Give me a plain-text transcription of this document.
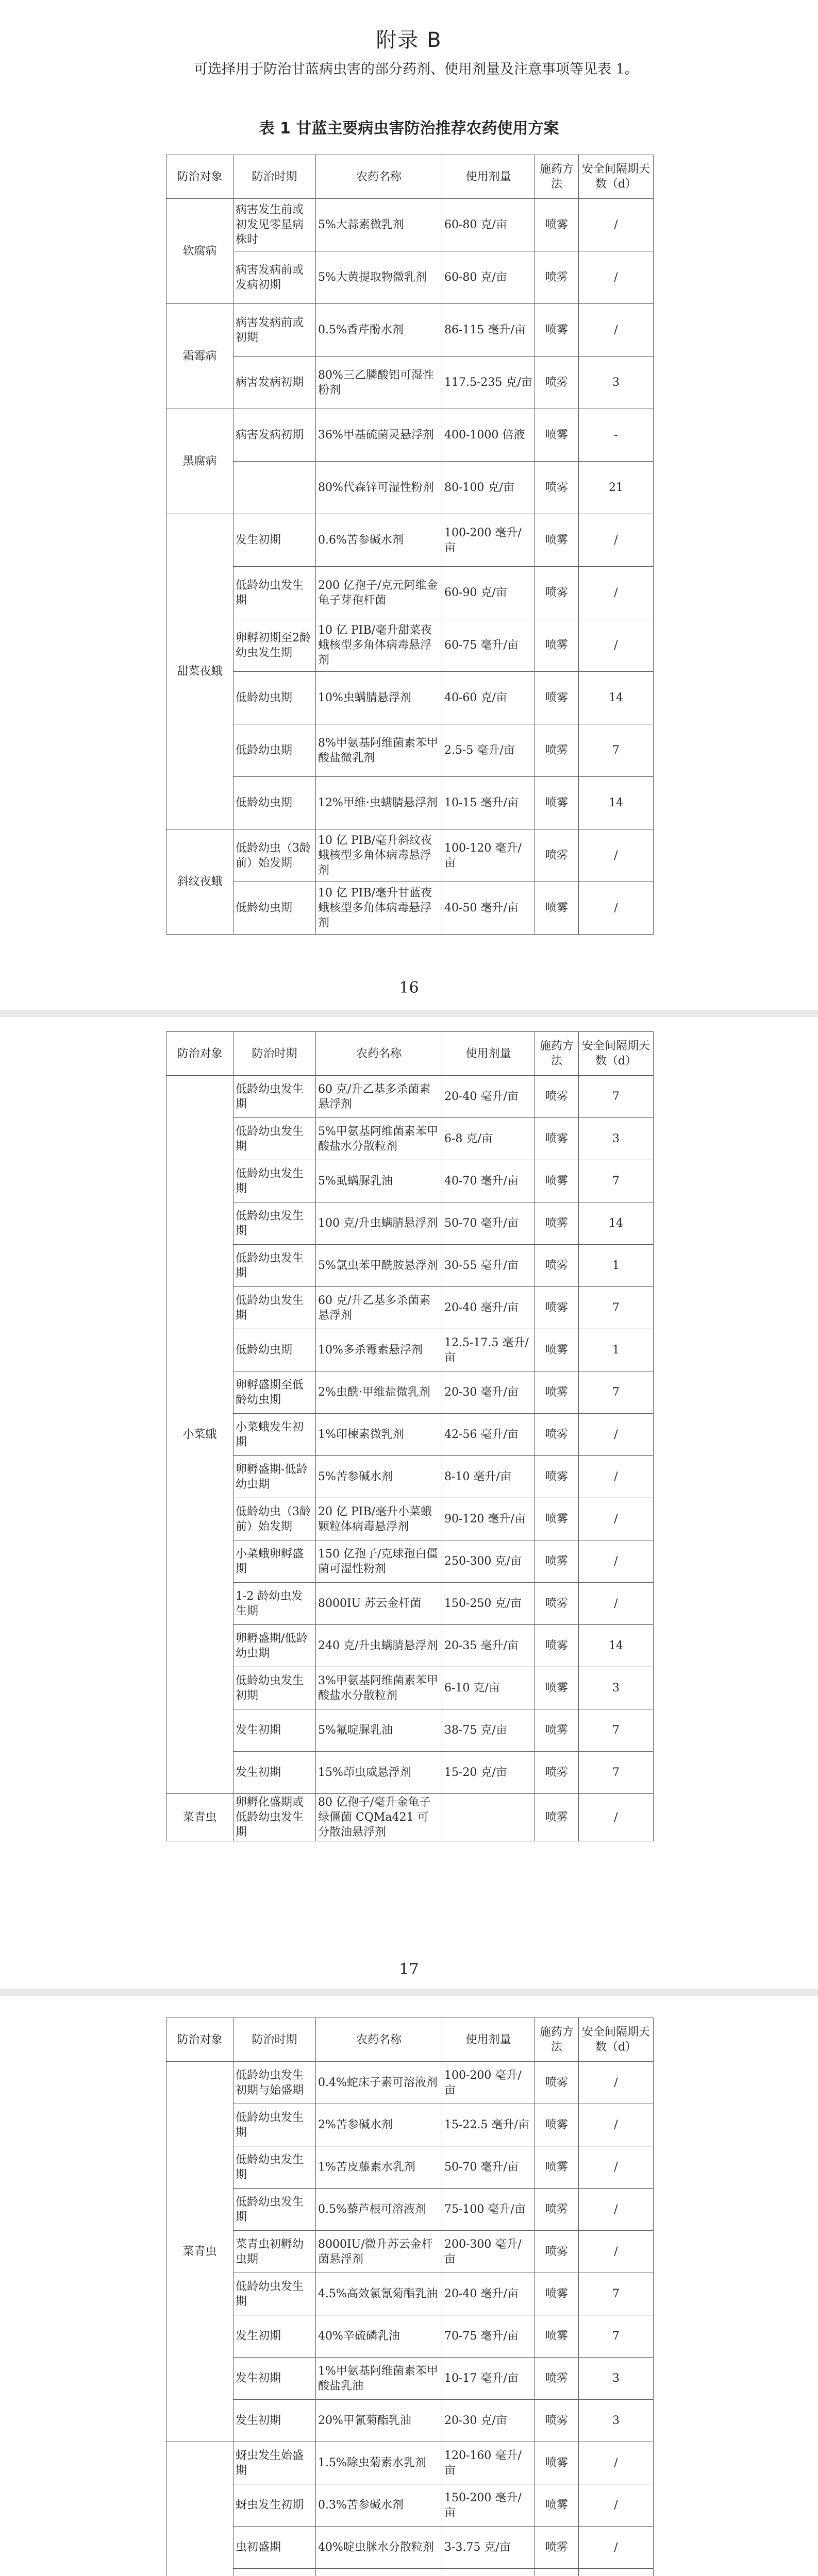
附录 B
可选择用于防治甘蓝病虫害的部分药剂、使用剂量及注意事项等见表 1。
表 1 甘蓝主要病虫害防治推荐农药使用方案
防治对象	防治时期	农药名称	使用剂量	施药方法	安全间隔期天数（d）
软腐病	病害发生前或初发见零星病株时	5%大蒜素微乳剂	60-80 克/亩	喷雾	/
	病害发病前或发病初期	5%大黄提取物微乳剂	60-80 克/亩	喷雾	/
霜霉病	病害发病前或初期	0.5%香芹酚水剂	86-115 毫升/亩	喷雾	/
	病害发病初期	80%三乙膦酸铝可湿性粉剂	117.5-235 克/亩	喷雾	3
黑腐病	病害发病初期	36%甲基硫菌灵悬浮剂	400-1000 倍液	喷雾	-
		80%代森锌可湿性粉剂	80-100 克/亩	喷雾	21
甜菜夜蛾	发生初期	0.6%苦参碱水剂	100-200 毫升/亩	喷雾	/
	低龄幼虫发生期	200 亿孢子/克元阿维金龟子芽孢杆菌	60-90 克/亩	喷雾	/
	卵孵初期至2龄幼虫发生期	10 亿 PIB/毫升甜菜夜蛾核型多角体病毒悬浮剂	60-75 毫升/亩	喷雾	/
	低龄幼虫期	10%虫螨腈悬浮剂	40-60 克/亩	喷雾	14
	低龄幼虫期	8%甲氨基阿维菌素苯甲酸盐微乳剂	2.5-5 毫升/亩	喷雾	7
	低龄幼虫期	12%甲维·虫螨腈悬浮剂	10-15 毫升/亩	喷雾	14
斜纹夜蛾	低龄幼虫（3龄前）始发期	10 亿 PIB/毫升斜纹夜蛾核型多角体病毒悬浮剂	100-120 毫升/亩	喷雾	/
	低龄幼虫期	10 亿 PIB/毫升甘蓝夜蛾核型多角体病毒悬浮剂	40-50 毫升/亩	喷雾	/
16
防治对象	防治时期	农药名称	使用剂量	施药方法	安全间隔期天数（d）
小菜蛾	低龄幼虫发生期	60 克/升乙基多杀菌素悬浮剂	20-40 毫升/亩	喷雾	7
	低龄幼虫发生期	5%甲氨基阿维菌素苯甲酸盐水分散粒剂	6-8 克/亩	喷雾	3
	低龄幼虫发生期	5%虱螨脲乳油	40-70 毫升/亩	喷雾	7
	低龄幼虫发生期	100 克/升虫螨腈悬浮剂	50-70 毫升/亩	喷雾	14
	低龄幼虫发生期	5%氯虫苯甲酰胺悬浮剂	30-55 毫升/亩	喷雾	1
	低龄幼虫发生期	60 克/升乙基多杀菌素悬浮剂	20-40 毫升/亩	喷雾	7
	低龄幼虫期	10%多杀霉素悬浮剂	12.5-17.5 毫升/亩	喷雾	1
	卵孵盛期至低龄幼虫期	2%虫酰·甲维盐微乳剂	20-30 毫升/亩	喷雾	7
	小菜蛾发生初期	1%印楝素微乳剂	42-56 毫升/亩	喷雾	/
	卵孵盛期-低龄幼虫期	5%苦参碱水剂	8-10 毫升/亩	喷雾	/
	低龄幼虫（3龄前）始发期	20 亿 PIB/毫升小菜蛾颗粒体病毒悬浮剂	90-120 毫升/亩	喷雾	/
	小菜蛾卵孵盛期	150 亿孢子/克球孢白僵菌可湿性粉剂	250-300 克/亩	喷雾	/
	1-2 龄幼虫发生期	8000IU 苏云金杆菌	150-250 克/亩	喷雾	/
	卵孵盛期/低龄幼虫期	240 克/升虫螨腈悬浮剂	20-35 毫升/亩	喷雾	14
	低龄幼虫发生初期	3%甲氨基阿维菌素苯甲酸盐水分散粒剂	6-10 克/亩	喷雾	3
	发生初期	5%氟啶脲乳油	38-75 克/亩	喷雾	7
	发生初期	15%茚虫威悬浮剂	15-20 克/亩	喷雾	7
菜青虫	卵孵化盛期或低龄幼虫发生期	80 亿孢子/毫升金龟子绿僵菌 CQMa421 可分散油悬浮剂		喷雾	/
17
防治对象	防治时期	农药名称	使用剂量	施药方法	安全间隔期天数（d）
菜青虫	低龄幼虫发生初期与始盛期	0.4%蛇床子素可溶液剂	100-200 毫升/亩	喷雾	/
	低龄幼虫发生期	2%苦参碱水剂	15-22.5 毫升/亩	喷雾	/
	低龄幼虫发生期	1%苦皮藤素水乳剂	50-70 毫升/亩	喷雾	/
	低龄幼虫发生期	0.5%藜芦根可溶液剂	75-100 毫升/亩	喷雾	/
	菜青虫初孵幼虫期	8000IU/微升苏云金杆菌悬浮剂	200-300 毫升/亩	喷雾	/
	低龄幼虫发生期	4.5%高效氯氰菊酯乳油	20-40 毫升/亩	喷雾	7
	发生初期	40%辛硫磷乳油	70-75 毫升/亩	喷雾	7
	发生初期	1%甲氨基阿维菌素苯甲酸盐乳油	10-17 毫升/亩	喷雾	3
	发生初期	20%甲氰菊酯乳油	20-30 克/亩	喷雾	3
	蚜虫发生始盛期	1.5%除虫菊素水乳剂	120-160 毫升/亩	喷雾	/
	蚜虫发生初期	0.3%苦参碱水剂	150-200 毫升/亩	喷雾	/
	虫初盛期	40%啶虫脒水分散粒剂	3-3.75 克/亩	喷雾	/
